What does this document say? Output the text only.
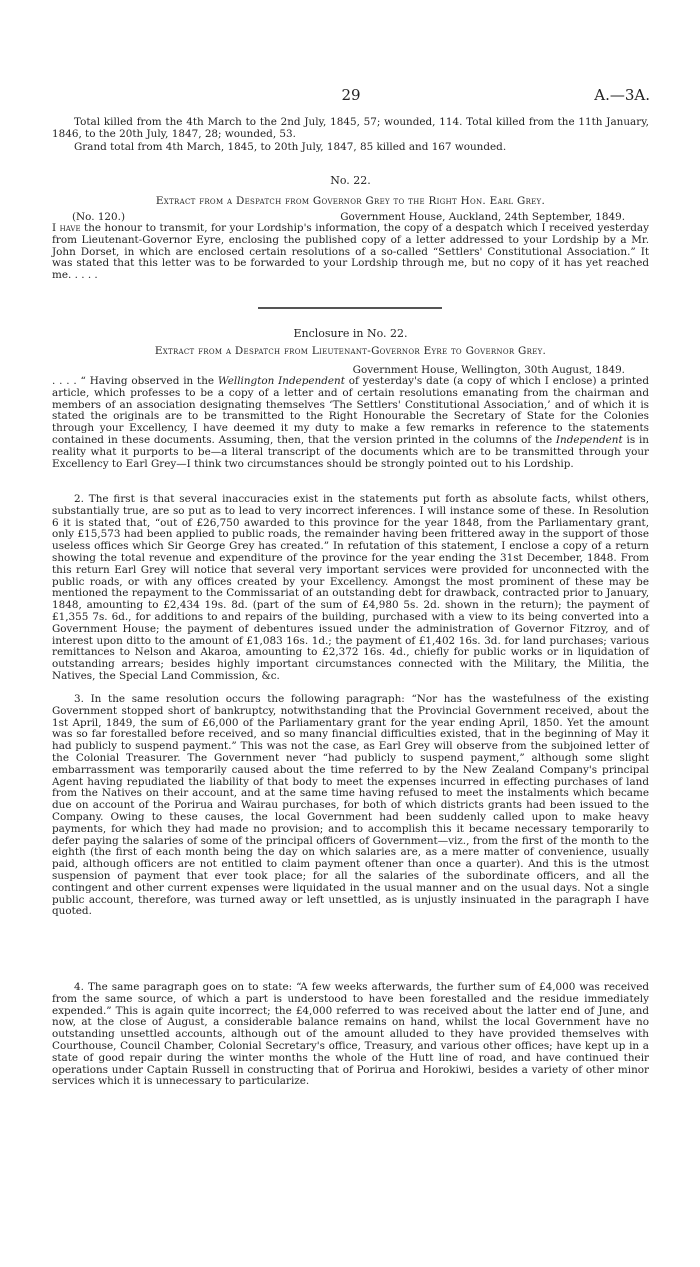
29	A.—3A.

Total killed from the 4th March to the 2nd July, 1845, 57; wounded, 114. Total killed from the 11th January, 1846, to the 20th July, 1847, 28; wounded, 53.

Grand total from 4th March, 1845, to 20th July, 1847, 85 killed and 167 wounded.

No. 22.
Extract from a Despatch from Governor Grey to the Right Hon. Earl Grey.
(No. 120.)	Government House, Auckland, 24th September, 1849.

I have the honour to transmit, for your Lordship's information, the copy of a despatch which I received yesterday from Lieutenant-Governor Eyre, enclosing the published copy of a letter addressed to your Lordship by a Mr. John Dorset, in which are enclosed certain resolutions of a so-called “Settlers' Constitutional Association.” It was stated that this letter was to be forwarded to your Lordship through me, but no copy of it has yet reached me. . . . .

Enclosure in No. 22.
Extract from a Despatch from Lieutenant-Governor Eyre to Governor Grey.
Government House, Wellington, 30th August, 1849.

. . . . “ Having observed in the Wellington Independent of yesterday's date (a copy of which I enclose) a printed article, which professes to be a copy of a letter and of certain resolutions emanating from the chairman and members of an association designating themselves ‘The Settlers' Constitutional Association,’ and of which it is stated the originals are to be transmitted to the Right Honourable the Secretary of State for the Colonies through your Excellency, I have deemed it my duty to make a few remarks in reference to the statements contained in these documents. Assuming, then, that the version printed in the columns of the Independent is in reality what it purports to be—a literal transcript of the documents which are to be transmitted through your Excellency to Earl Grey—I think two circumstances should be strongly pointed out to his Lordship.

2. The first is that several inaccuracies exist in the statements put forth as absolute facts, whilst others, substantially true, are so put as to lead to very incorrect inferences. I will instance some of these. In Resolution 6 it is stated that, “out of £26,750 awarded to this province for the year 1848, from the Parliamentary grant, only £15,573 had been applied to public roads, the remainder having been frittered away in the support of those useless offices which Sir George Grey has created.” In refutation of this statement, I enclose a copy of a return showing the total revenue and expenditure of the province for the year ending the 31st December, 1848. From this return Earl Grey will notice that several very important services were provided for unconnected with the public roads, or with any offices created by your Excellency. Amongst the most prominent of these may be mentioned the repayment to the Commissariat of an outstanding debt for drawback, contracted prior to January, 1848, amounting to £2,434 19s. 8d. (part of the sum of £4,980 5s. 2d. shown in the return); the payment of £1,355 7s. 6d., for additions to and repairs of the building, purchased with a view to its being converted into a Government House; the payment of debentures issued under the administration of Governor Fitzroy, and of interest upon ditto to the amount of £1,083 16s. 1d.; the payment of £1,402 16s. 3d. for land purchases; various remittances to Nelson and Akaroa, amounting to £2,372 16s. 4d., chiefly for public works or in liquidation of outstanding arrears; besides highly important circumstances connected with the Military, the Militia, the Natives, the Special Land Commission, &c.

3. In the same resolution occurs the following paragraph: “Nor has the wastefulness of the existing Government stopped short of bankruptcy, notwithstanding that the Provincial Government received, about the 1st April, 1849, the sum of £6,000 of the Parliamentary grant for the year ending April, 1850. Yet the amount was so far forestalled before received, and so many financial difficulties existed, that in the beginning of May it had publicly to suspend payment.” This was not the case, as Earl Grey will observe from the subjoined letter of the Colonial Treasurer. The Government never “had publicly to suspend payment,” although some slight embarrassment was temporarily caused about the time referred to by the New Zealand Company's principal Agent having repudiated the liability of that body to meet the expenses incurred in effecting purchases of land from the Natives on their account, and at the same time having refused to meet the instalments which became due on account of the Porirua and Wairau purchases, for both of which districts grants had been issued to the Company. Owing to these causes, the local Government had been suddenly called upon to make heavy payments, for which they had made no provision; and to accomplish this it became necessary temporarily to defer paying the salaries of some of the principal officers of Government—viz., from the first of the month to the eighth (the first of each month being the day on which salaries are, as a mere matter of convenience, usually paid, although officers are not entitled to claim payment oftener than once a quarter). And this is the utmost suspension of payment that ever took place; for all the salaries of the subordinate officers, and all the contingent and other current expenses were liquidated in the usual manner and on the usual days. Not a single public account, therefore, was turned away or left unsettled, as is unjustly insinuated in the paragraph I have quoted.

4. The same paragraph goes on to state: “A few weeks afterwards, the further sum of £4,000 was received from the same source, of which a part is understood to have been forestalled and the residue immediately expended.” This is again quite incorrect; the £4,000 referred to was received about the latter end of June, and now, at the close of August, a considerable balance remains on hand, whilst the local Government have no outstanding unsettled accounts, although out of the amount alluded to they have provided themselves with Courthouse, Council Chamber, Colonial Secretary's office, Treasury, and various other offices; have kept up in a state of good repair during the winter months the whole of the Hutt line of road, and have continued their operations under Captain Russell in constructing that of Porirua and Horokiwi, besides a variety of other minor services which it is unnecessary to particularize.
